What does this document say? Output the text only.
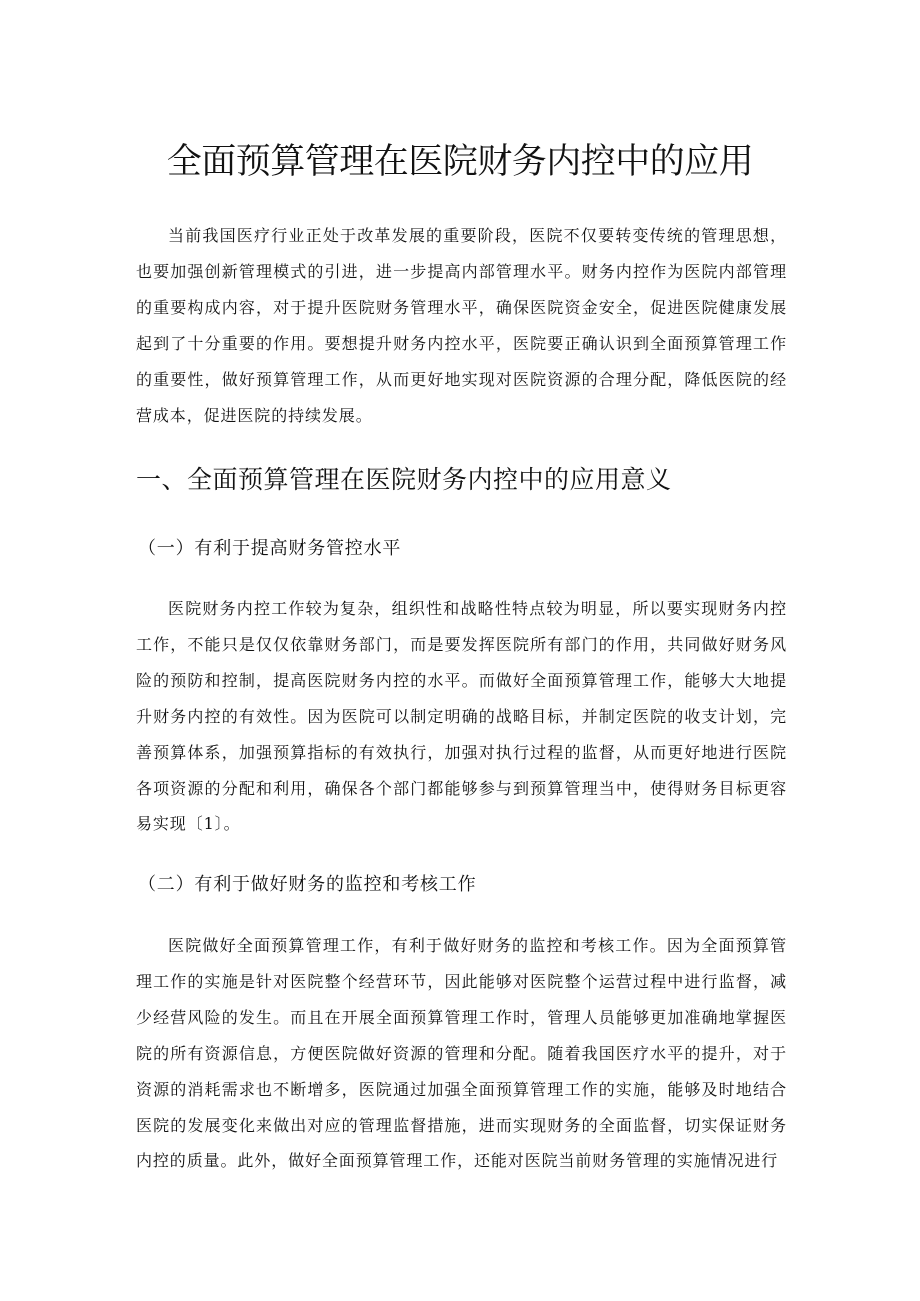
全面预算管理在医院财务内控中的应用

当前我国医疗行业正处于改革发展的重要阶段，医院不仅要转变传统的管理思想，也要加强创新管理模式的引进，进一步提高内部管理水平。财务内控作为医院内部管理的重要构成内容，对于提升医院财务管理水平，确保医院资金安全，促进医院健康发展起到了十分重要的作用。要想提升财务内控水平，医院要正确认识到全面预算管理工作的重要性，做好预算管理工作，从而更好地实现对医院资源的合理分配，降低医院的经营成本，促进医院的持续发展。

一、全面预算管理在医院财务内控中的应用意义
（一）有利于提高财务管控水平

医院财务内控工作较为复杂，组织性和战略性特点较为明显，所以要实现财务内控工作，不能只是仅仅依靠财务部门，而是要发挥医院所有部门的作用，共同做好财务风险的预防和控制，提高医院财务内控的水平。而做好全面预算管理工作，能够大大地提升财务内控的有效性。因为医院可以制定明确的战略目标，并制定医院的收支计划，完善预算体系，加强预算指标的有效执行，加强对执行过程的监督，从而更好地进行医院各项资源的分配和利用，确保各个部门都能够参与到预算管理当中，使得财务目标更容易实现〔1〕。

（二）有利于做好财务的监控和考核工作

医院做好全面预算管理工作，有利于做好财务的监控和考核工作。因为全面预算管理工作的实施是针对医院整个经营环节，因此能够对医院整个运营过程中进行监督，减少经营风险的发生。而且在开展全面预算管理工作时，管理人员能够更加准确地掌握医院的所有资源信息，方便医院做好资源的管理和分配。随着我国医疗水平的提升，对于资源的消耗需求也不断增多，医院通过加强全面预算管理工作的实施，能够及时地结合医院的发展变化来做出对应的管理监督措施，进而实现财务的全面监督，切实保证财务内控的质量。此外，做好全面预算管理工作，还能对医院当前财务管理的实施情况进行
